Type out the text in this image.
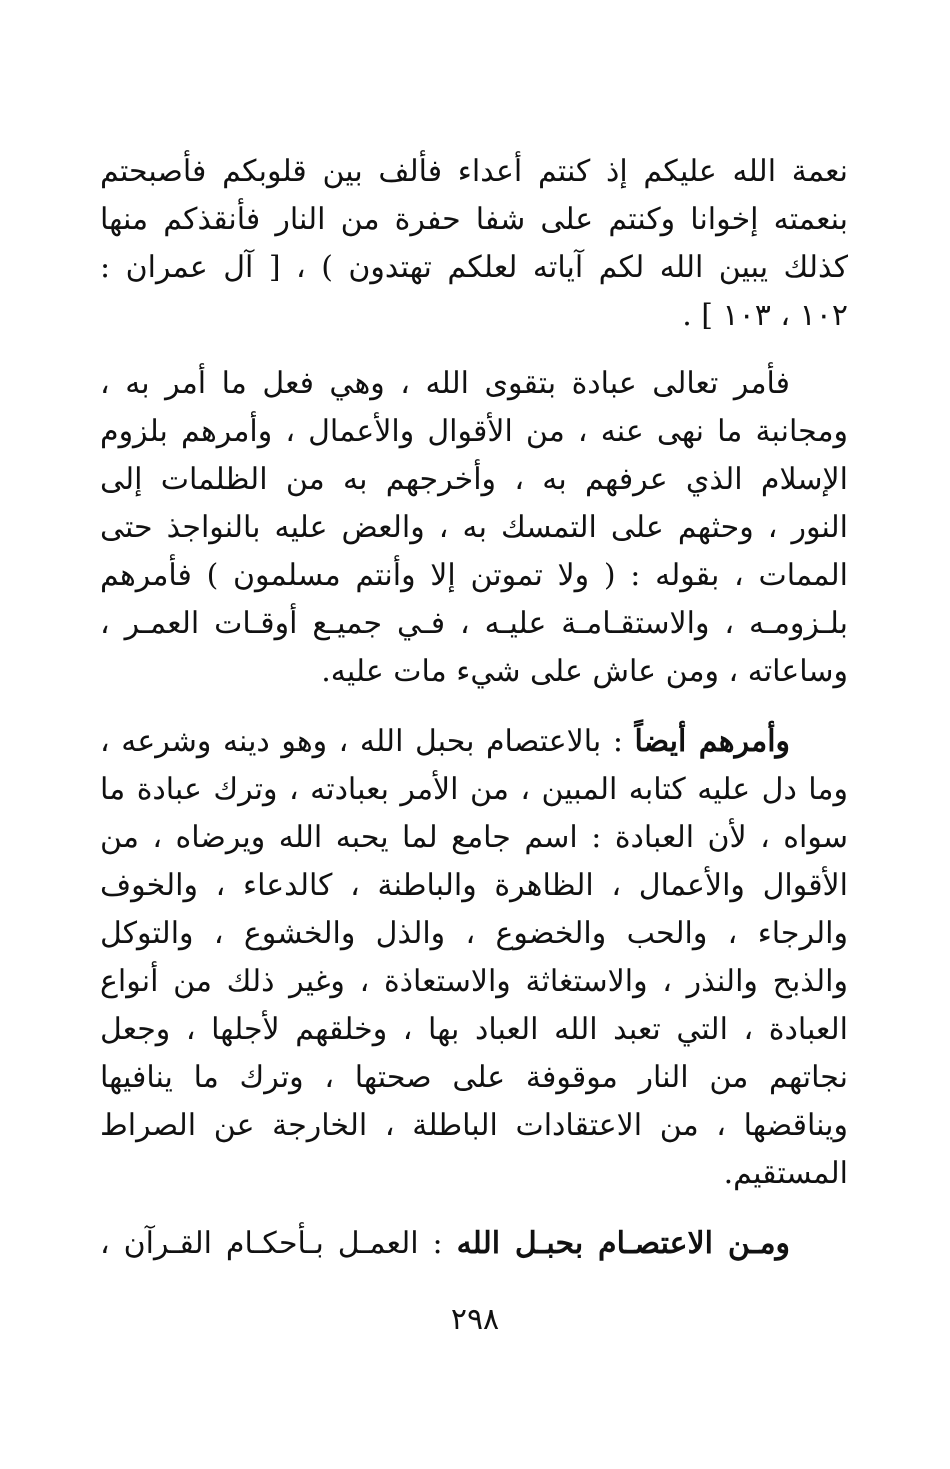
نعمة الله عليكم إذ كنتم أعداء فألف بين قلوبكم فأصبحتم
بنعمته إخوانا وكنتم على شفا حفرة من النار فأنقذكم منها
كذلك يبين الله لكم آياته لعلكم تهتدون ) ، [ آل عمران :
١٠٢ ، ١٠٣ ] .
فأمر تعالى عبادة بتقوى الله ، وهي فعل ما أمر به ،
ومجانبة ما نهى عنه ، من الأقوال والأعمال ، وأمرهم بلزوم
الإسلام الذي عرفهم به ، وأخرجهم به من الظلمات إلى
النور ، وحثهم على التمسك به ، والعض عليه بالنواجذ حتى
الممات ، بقوله : ( ولا تموتن إلا وأنتم مسلمون ) فأمرهم
بلـزومـه ، والاستقـامـة عليـه ، فـي جميـع أوقـات العمـر ،
وساعاته ، ومن عاش على شيء مات عليه.
وأمرهم أيضاً : بالاعتصام بحبل الله ، وهو دينه وشرعه ،
وما دل عليه كتابه المبين ، من الأمر بعبادته ، وترك عبادة ما
سواه ، لأن العبادة : اسم جامع لما يحبه الله ويرضاه ، من
الأقوال والأعمال ، الظاهرة والباطنة ، كالدعاء ، والخوف
والرجاء ، والحب والخضوع ، والذل والخشوع ، والتوكل
والذبح والنذر ، والاستغاثة والاستعاذة ، وغير ذلك من أنواع
العبادة ، التي تعبد الله العباد بها ، وخلقهم لأجلها ، وجعل
نجاتهم من النار موقوفة على صحتها ، وترك ما ينافيها
ويناقضها ، من الاعتقادات الباطلة ، الخارجة عن الصراط
المستقيم.
ومـن الاعتصـام بحبـل الله : العمـل بـأحكـام القـرآن ،
٢٩٨
